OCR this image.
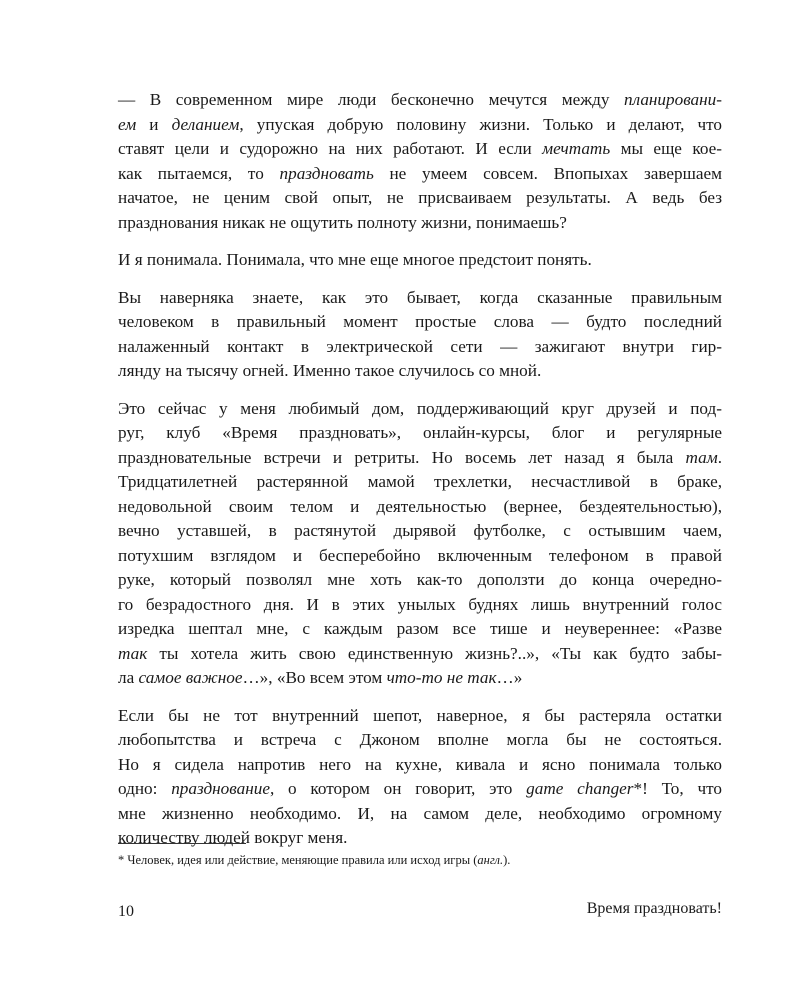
— В современном мире люди бесконечно мечутся между планировани-
ем и деланием, упуская добрую половину жизни. Только и делают, что
ставят цели и судорожно на них работают. И если мечтать мы еще кое-
как пытаемся, то праздновать не умеем совсем. Впопыхах завершаем
начатое, не ценим свой опыт, не присваиваем результаты. А ведь без
празднования никак не ощутить полноту жизни, понимаешь?
И я понимала. Понимала, что мне еще многое предстоит понять.
Вы наверняка знаете, как это бывает, когда сказанные правильным
человеком в правильный момент простые слова — будто последний
налаженный контакт в электрической сети — зажигают внутри гир-
лянду на тысячу огней. Именно такое случилось со мной.
Это сейчас у меня любимый дом, поддерживающий круг друзей и под-
руг, клуб «Время праздновать», онлайн-курсы, блог и регулярные
праздновательные встречи и ретриты. Но восемь лет назад я была там.
Тридцатилетней растерянной мамой трехлетки, несчастливой в браке,
недовольной своим телом и деятельностью (вернее, бездеятельностью),
вечно уставшей, в растянутой дырявой футболке, с остывшим чаем,
потухшим взглядом и бесперебойно включенным телефоном в правой
руке, который позволял мне хоть как-то доползти до конца очередно-
го безрадостного дня. И в этих унылых буднях лишь внутренний голос
изредка шептал мне, с каждым разом все тише и неувереннее: «Разве
так ты хотела жить свою единственную жизнь?..», «Ты как будто забы-
ла самое важное…», «Во всем этом что-то не так…»
Если бы не тот внутренний шепот, наверное, я бы растеряла остатки
любопытства и встреча с Джоном вполне могла бы не состояться.
Но я сидела напротив него на кухне, кивала и ясно понимала только
одно: празднование, о котором он говорит, это game changer*! То, что
мне жизненно необходимо. И, на самом деле, необходимо огромному
количеству людей вокруг меня.
* Человек, идея или действие, меняющие правила или исход игры (англ.).
10	Время праздновать!
